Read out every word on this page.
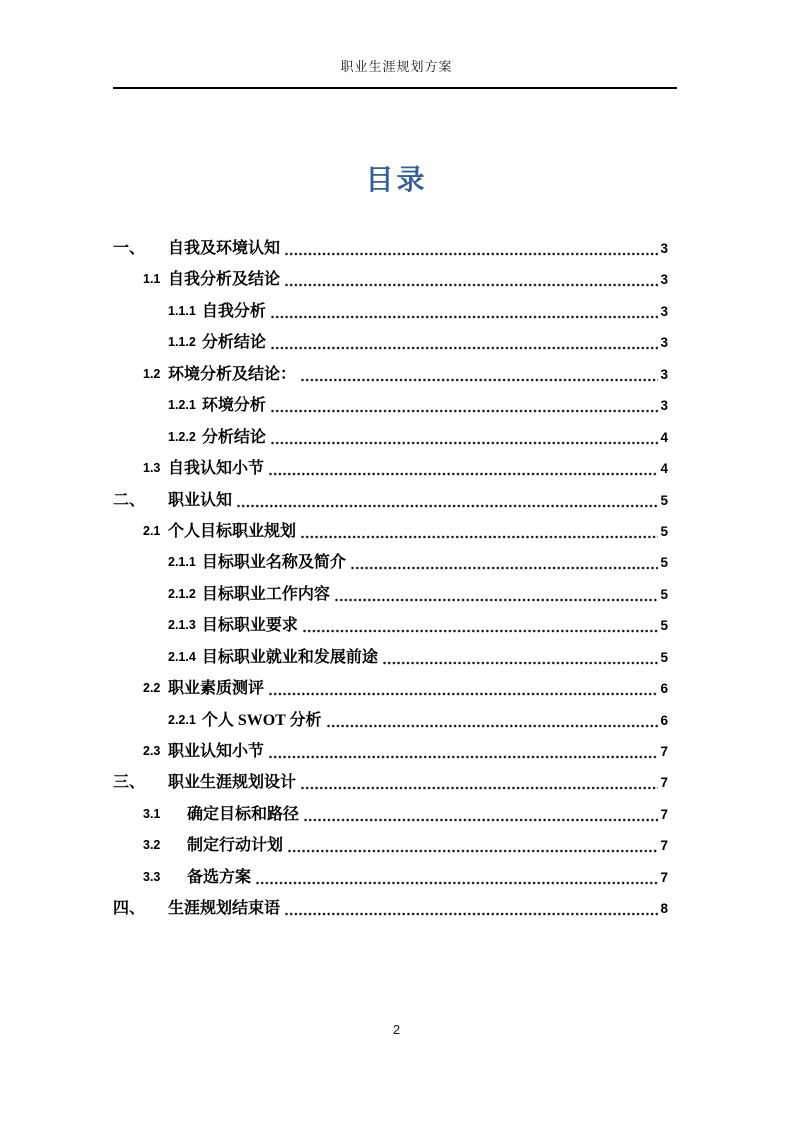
职业生涯规划方案
目录
一、	自我及环境认知	3
1.1 自我分析及结论	3
1.1.1 自我分析	3
1.1.2 分析结论	3
1.2 环境分析及结论：	3
1.2.1 环境分析	3
1.2.2 分析结论	4
1.3 自我认知小节	4
二、	职业认知	5
2.1 个人目标职业规划	5
2.1.1 目标职业名称及简介	5
2.1.2 目标职业工作内容	5
2.1.3 目标职业要求	5
2.1.4 目标职业就业和发展前途	5
2.2 职业素质测评	6
2.2.1 个人 SWOT 分析	6
2.3 职业认知小节	7
三、	职业生涯规划设计	7
3.1	确定目标和路径	7
3.2	制定行动计划	7
3.3	备选方案	7
四、	生涯规划结束语	8
2
